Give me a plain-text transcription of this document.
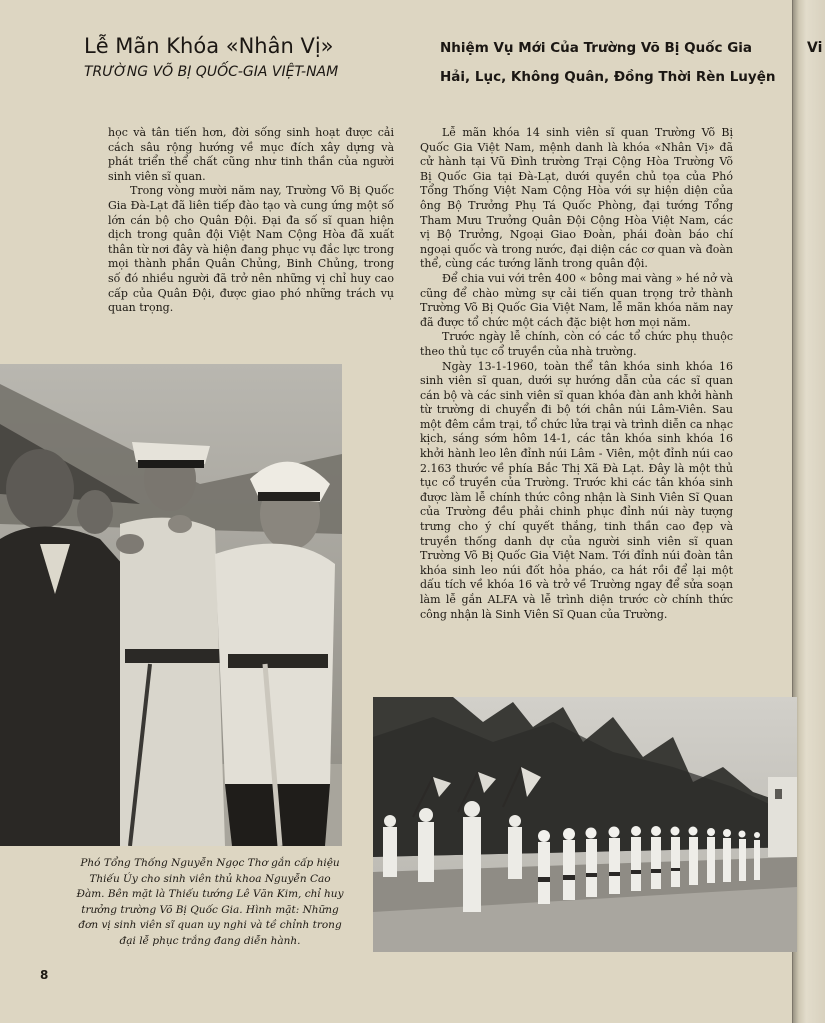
Vi
Lễ Mãn Khóa «Nhân Vị»
TRƯỜNG VÕ BỊ QUỐC-GIA VIỆT-NAM
Nhiệm Vụ Mới Của Trường Võ Bị Quốc Gia
Hải, Lục, Không Quân, Đồng Thời Rèn Luyện

học và tân tiến hơn, đời sống sinh hoạt được cải cách sâu rộng hướng về mục đích xây dựng và phát triển thể chất cũng như tinh thần của người sinh viên sĩ quan.

Trong vòng mười năm nay, Trường Võ Bị Quốc Gia Đà-Lạt đã liên tiếp đào tạo và cung ứng một số lớn cán bộ cho Quân Đội. Đại đa số sĩ quan hiện dịch trong quân đội Việt Nam Cộng Hòa đã xuất thân từ nơi đây và hiện đang phục vụ đắc lực trong mọi thành phần Quân Chủng, Binh Chủng, trong số đó nhiều người đã trở nên những vị chỉ huy cao cấp của Quân Đội, được giao phó những trách vụ quan trọng.

Lễ mãn khóa 14 sinh viên sĩ quan Trường Võ Bị Quốc Gia Việt Nam, mệnh danh là khóa «Nhân Vị» đã cử hành tại Vũ Đình trường Trại Cộng Hòa Trường Võ Bị Quốc Gia tại Đà-Lạt, dưới quyền chủ tọa của Phó Tổng Thống Việt Nam Cộng Hòa với sự hiện diện của ông Bộ Trưởng Phụ Tá Quốc Phòng, đại tướng Tổng Tham Mưu Trưởng Quân Đội Cộng Hòa Việt Nam, các vị Bộ Trưởng, Ngoại Giao Đoàn, phái đoàn báo chí ngoại quốc và trong nước, đại diện các cơ quan và đoàn thể, cùng các tướng lãnh trong quân đội.

Để chia vui với trên 400 « bông mai vàng » hé nở và cũng để chào mừng sự cải tiến quan trọng trở thành Trường Võ Bị Quốc Gia Việt Nam, lễ mãn khóa năm nay đã được tổ chức một cách đặc biệt hơn mọi năm.

Trước ngày lễ chính, còn có các tổ chức phụ thuộc theo thủ tục cổ truyền của nhà trường.

Ngày 13-1-1960, toàn thể tân khóa sinh khóa 16 sinh viên sĩ quan, dưới sự hướng dẫn của các sĩ quan cán bộ và các sinh viên sĩ quan khóa đàn anh khởi hành từ trường di chuyển đi bộ tới chân núi Lâm-Viên. Sau một đêm cắm trại, tổ chức lửa trại và trình diễn ca nhạc kịch, sáng sớm hôm 14-1, các tân khóa sinh khóa 16 khởi hành leo lên đỉnh núi Lâm - Viên, một đỉnh núi cao 2.163 thước về phía Bắc Thị Xã Đà Lạt. Đây là một thủ tục cổ truyền của Trường. Trước khi các tân khóa sinh được làm lễ chính thức công nhận là Sinh Viên Sĩ Quan của Trường đều phải chinh phục đỉnh núi này tượng trưng cho ý chí quyết thắng, tinh thần cao đẹp và truyền thống danh dự của người sinh viên sĩ quan Trường Võ Bị Quốc Gia Việt Nam. Tới đỉnh núi đoàn tân khóa sinh leo núi đốt hỏa pháo, ca hát rồi để lại một dấu tích về khóa 16 và trở về Trường ngay để sửa soạn làm lễ gắn ALFA và lễ trình diện trước cờ chính thức công nhận là Sinh Viên Sĩ Quan của Trường.

Phó Tổng Thống Nguyễn Ngọc Thơ gắn cấp hiệu Thiếu Úy cho sinh viên thủ khoa Nguyễn Cao Đàm. Bên mặt là Thiếu tướng Lê Văn Kim, chỉ huy trưởng trường Võ Bị Quốc Gia. Hình mặt: Những đơn vị sinh viên sĩ quan uy nghi và tề chỉnh trong đại lễ phục trắng đang diễn hành.
8
